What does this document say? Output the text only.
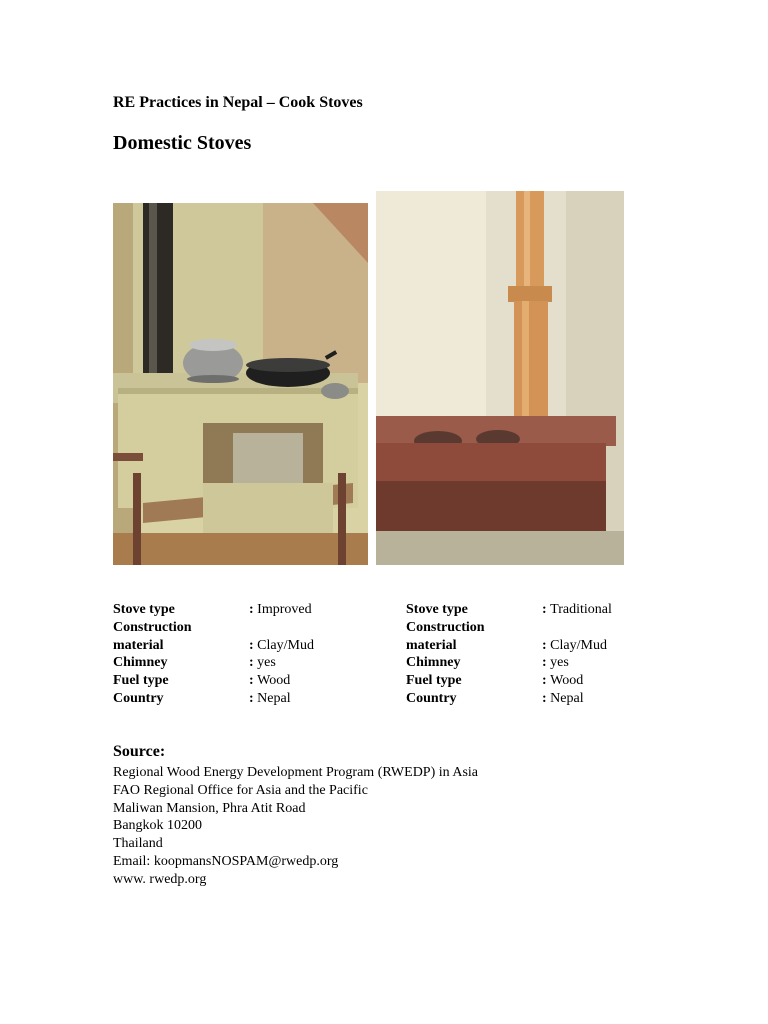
RE Practices in Nepal – Cook Stoves
Domestic Stoves
Stove type	: Improved
Construction
material	: Clay/Mud
Chimney	: yes
Fuel type	: Wood
Country	: Nepal
Stove type	: Traditional
Construction
material	: Clay/Mud
Chimney	: yes
Fuel type	: Wood
Country	: Nepal
Source:
Regional Wood Energy Development Program (RWEDP) in Asia
FAO Regional Office for Asia and the Pacific
Maliwan Mansion, Phra Atit Road
Bangkok 10200
Thailand
Email: koopmansNOSPAM@rwedp.org
www. rwedp.org
